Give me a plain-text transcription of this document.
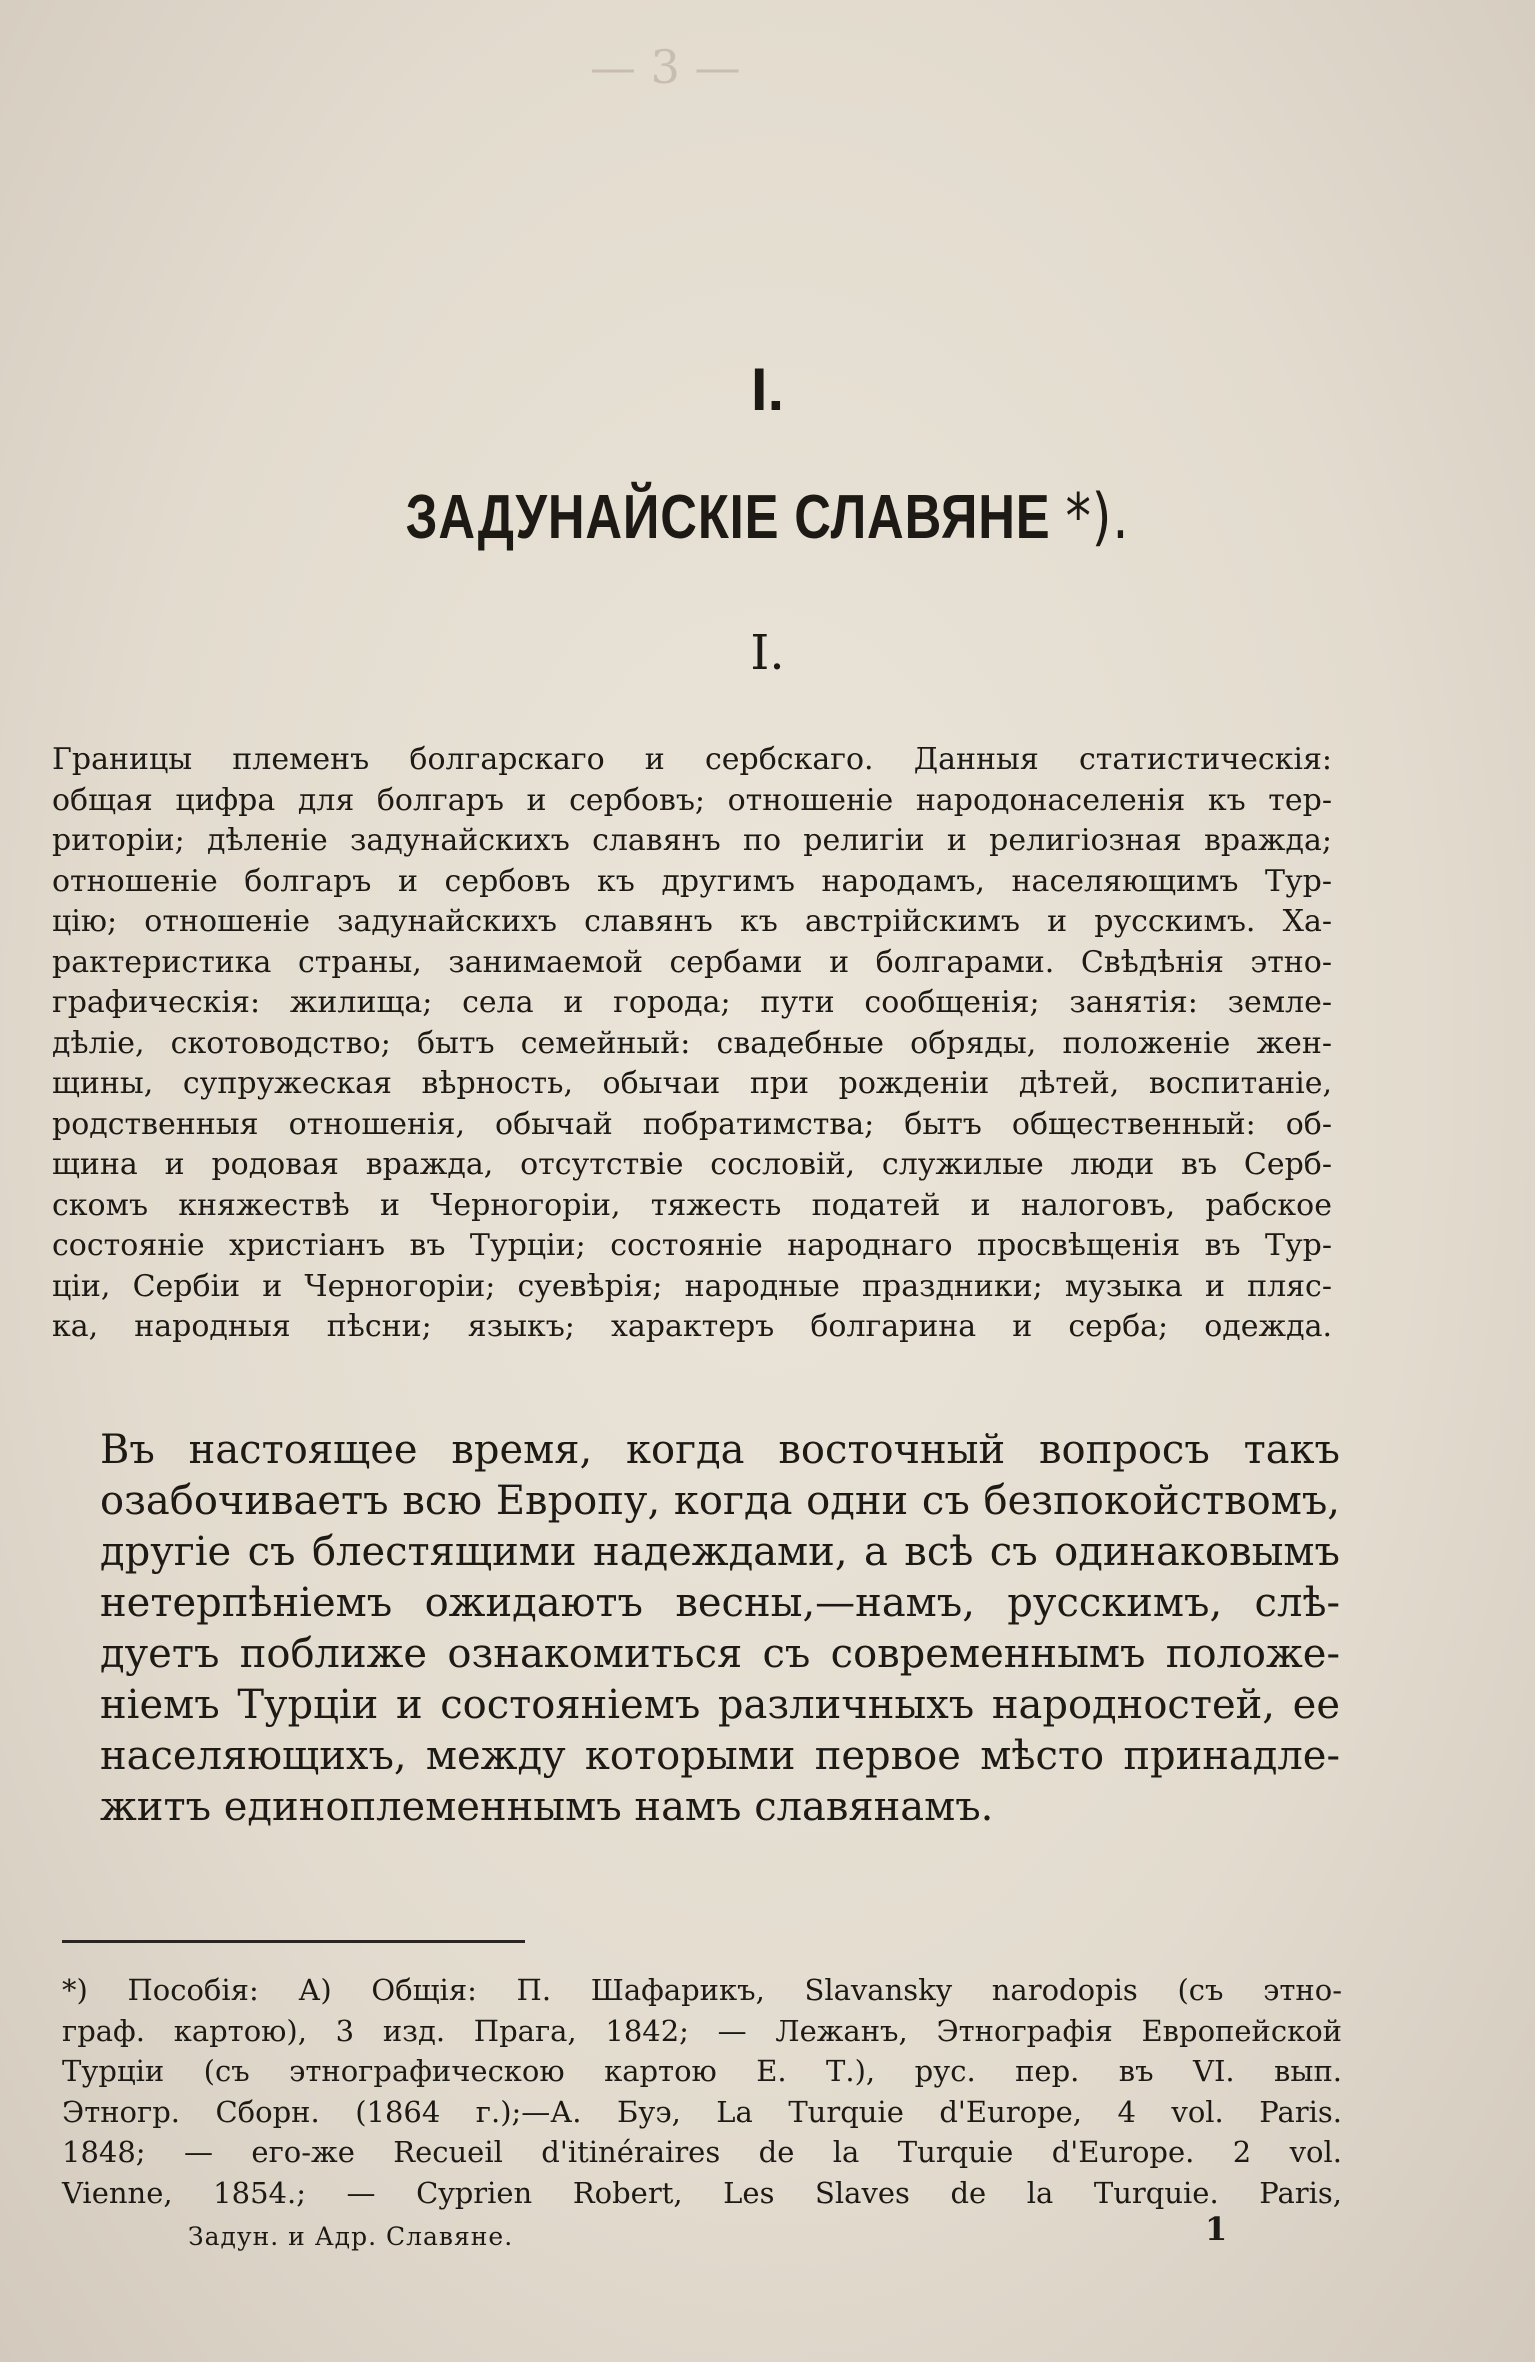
— 3 —
I.
ЗАДУНАЙСКІЕ СЛАВЯНЕ *).
I.
Границы племенъ болгарскаго и сербскаго. Данныя статистическія:
общая цифра для болгаръ и сербовъ; отношеніе народонаселенія къ тер-
риторіи; дѣленіе задунайскихъ славянъ по религіи и религіозная вражда;
отношеніе болгаръ и сербовъ къ другимъ народамъ, населяющимъ Тур-
цію; отношеніе задунайскихъ славянъ къ австрійскимъ и русскимъ. Ха-
рактеристика страны, занимаемой сербами и болгарами. Свѣдѣнія этно-
графическія: жилища; села и города; пути сообщенія; занятія: земле-
дѣліе, скотоводство; бытъ семейный: свадебные обряды, положеніе жен-
щины, супружеская вѣрность, обычаи при рожденіи дѣтей, воспитаніе,
родственныя отношенія, обычай побратимства; бытъ общественный: об-
щина и родовая вражда, отсутствіе сословій, служилые люди въ Серб-
скомъ княжествѣ и Черногоріи, тяжесть податей и налоговъ, рабское
состояніе христіанъ въ Турціи; состояніе народнаго просвѣщенія въ Тур-
ціи, Сербіи и Черногоріи; суевѣрія; народные праздники; музыка и пляс-
ка, народныя пѣсни; языкъ; характеръ болгарина и серба; одежда.
Въ настоящее время, когда восточный вопросъ такъ
озабочиваетъ всю Европу, когда одни съ безпокойствомъ,
другіе съ блестящими надеждами, а всѣ съ одинаковымъ
нетерпѣніемъ ожидаютъ весны,—намъ, русскимъ, слѣ-
дуетъ поближе ознакомиться съ современнымъ положе-
ніемъ Турціи и состояніемъ различныхъ народностей, ее
населяющихъ, между которыми первое мѣсто принадле-
житъ единоплеменнымъ намъ славянамъ.
*) Пособія: А) Общія: П. Шафарикъ, Slavansky narodopis (съ этно-
граф. картою), 3 изд. Прага, 1842; — Лежанъ, Этнографія Европейской
Турціи (съ этнографическою картою Е. Т.), рус. пер. въ VI. вып.
Этногр. Сборн. (1864 г.);—А. Буэ, La Turquie d'Europe, 4 vol. Paris.
1848; — его-же Recueil d'itinéraires de la Turquie d'Europe. 2 vol.
Vienne, 1854.; — Cyprien Robert, Les Slaves de la Turquie. Paris,
Задун. и Адр. Славяне.	1
